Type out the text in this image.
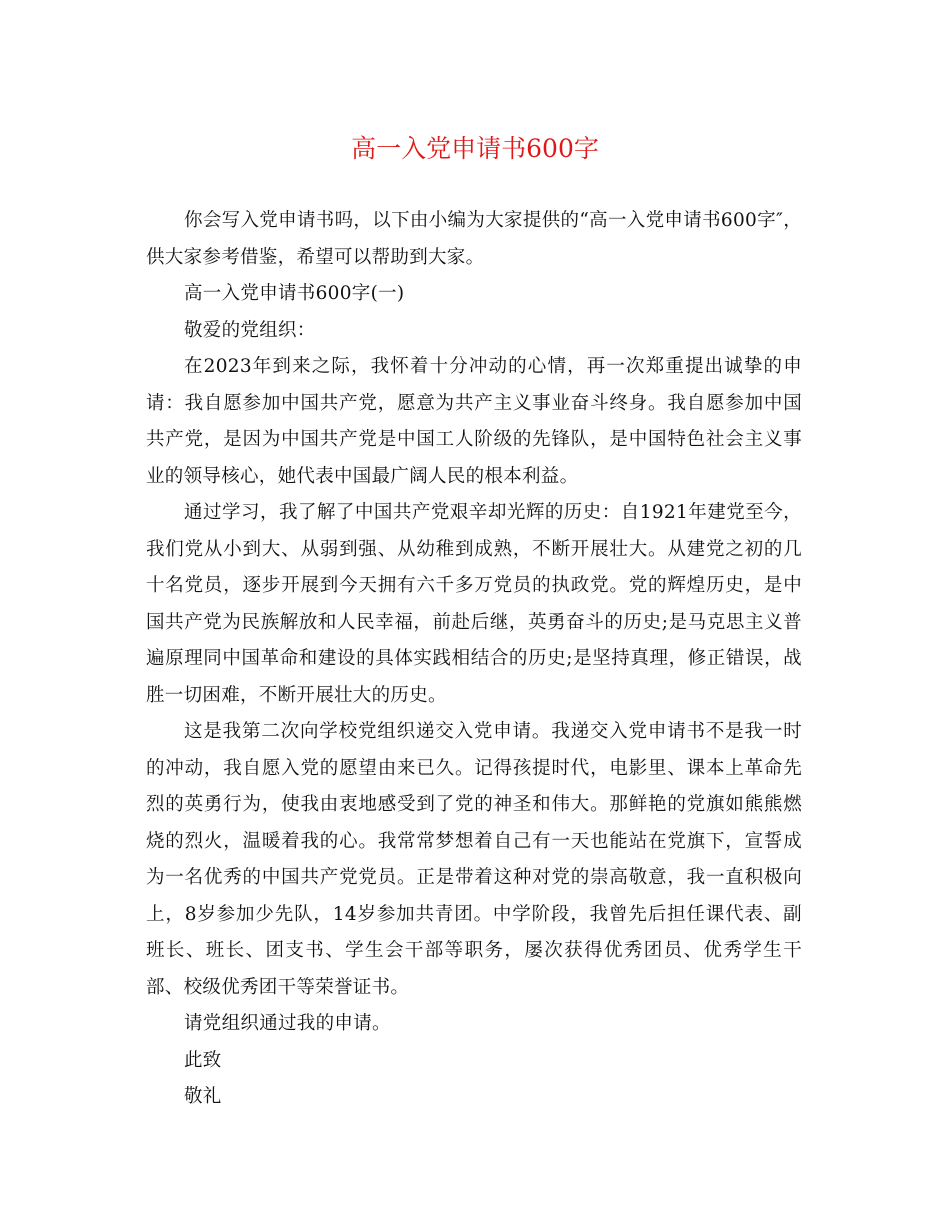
高一入党申请书600字

你会写入党申请书吗，以下由小编为大家提供的“高一入党申请书600字″，供大家参考借鉴，希望可以帮助到大家。

高一入党申请书600字(一)

敬爱的党组织：

在2023年到来之际，我怀着十分冲动的心情，再一次郑重提出诚挚的申请：我自愿参加中国共产党，愿意为共产主义事业奋斗终身。我自愿参加中国共产党，是因为中国共产党是中国工人阶级的先锋队，是中国特色社会主义事业的领导核心，她代表中国最广阔人民的根本利益。

通过学习，我了解了中国共产党艰辛却光辉的历史：自1921年建党至今，我们党从小到大、从弱到强、从幼稚到成熟，不断开展壮大。从建党之初的几十名党员，逐步开展到今天拥有六千多万党员的执政党。党的辉煌历史，是中国共产党为民族解放和人民幸福，前赴后继，英勇奋斗的历史;是马克思主义普遍原理同中国革命和建设的具体实践相结合的历史;是坚持真理，修正错误，战胜一切困难，不断开展壮大的历史。

这是我第二次向学校党组织递交入党申请。我递交入党申请书不是我一时的冲动，我自愿入党的愿望由来已久。记得孩提时代，电影里、课本上革命先烈的英勇行为，使我由衷地感受到了党的神圣和伟大。那鲜艳的党旗如熊熊燃烧的烈火，温暖着我的心。我常常梦想着自己有一天也能站在党旗下，宣誓成为一名优秀的中国共产党党员。正是带着这种对党的崇高敬意，我一直积极向上，8岁参加少先队，14岁参加共青团。中学阶段，我曾先后担任课代表、副班长、班长、团支书、学生会干部等职务，屡次获得优秀团员、优秀学生干部、校级优秀团干等荣誉证书。

请党组织通过我的申请。

此致

敬礼
